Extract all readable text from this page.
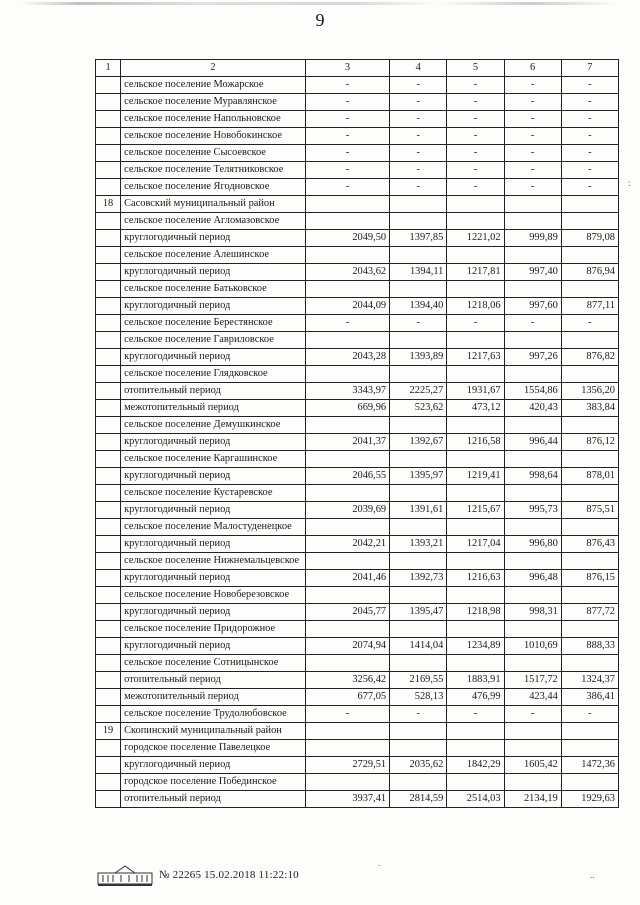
9
1	2	3	4	5	6	7
	сельское поселение Можарское	-	-	-	-	-
	сельское поселение Муравлянское	-	-	-	-	-
	сельское поселение Напольновское	-	-	-	-	-
	сельское поселение Новобокинское	-	-	-	-	-
	сельское поселение Сысоевское	-	-	-	-	-
	сельское поселение Телятниковское	-	-	-	-	-
	сельское поселение Ягодновское	-	-	-	-	-
18	Сасовский муниципальный район					
	сельское поселение Агломазовское					
	круглогодичный период	2049,50	1397,85	1221,02	999,89	879,08
	сельское поселение Алешинское					
	круглогодичный период	2043,62	1394,11	1217,81	997,40	876,94
	сельское поселение Батьковское					
	круглогодичный период	2044,09	1394,40	1218,06	997,60	877,11
	сельское поселение Берестянское	-	-	-	-	-
	сельское поселение Гавриловское					
	круглогодичный период	2043,28	1393,89	1217,63	997,26	876,82
	сельское поселение Глядковское					
	отопительный период	3343,97	2225,27	1931,67	1554,86	1356,20
	межотопительный период	669,96	523,62	473,12	420,43	383,84
	сельское поселение Демушкинское					
	круглогодичный период	2041,37	1392,67	1216,58	996,44	876,12
	сельское поселение Каргашинское					
	круглогодичный период	2046,55	1395,97	1219,41	998,64	878,01
	сельское поселение Кустаревское					
	круглогодичный период	2039,69	1391,61	1215,67	995,73	875,51
	сельское поселение Малостуденецкое					
	круглогодичный период	2042,21	1393,21	1217,04	996,80	876,43
	сельское поселение Нижнемальцевское					
	круглогодичный период	2041,46	1392,73	1216,63	996,48	876,15
	сельское поселение Новоберезовское					
	круглогодичный период	2045,77	1395,47	1218,98	998,31	877,72
	сельское поселение Придорожное					
	круглогодичный период	2074,94	1414,04	1234,89	1010,69	888,33
	сельское поселение Сотницынское					
	отопительный период	3256,42	2169,55	1883,91	1517,72	1324,37
	межотопительный период	677,05	528,13	476,99	423,44	386,41
	сельское поселение Трудолюбовское	-	-	-	-	-
19	Скопинский муниципальный район					
	городское поселение Павелецкое					
	круглогодичный период	2729,51	2035,62	1842,29	1605,42	1472,36
	городское поселение Побединское					
	отопительный период	3937,41	2814,59	2514,03	2134,19	1929,63
№ 22265 15.02.2018 11:22:10
:
.
..
